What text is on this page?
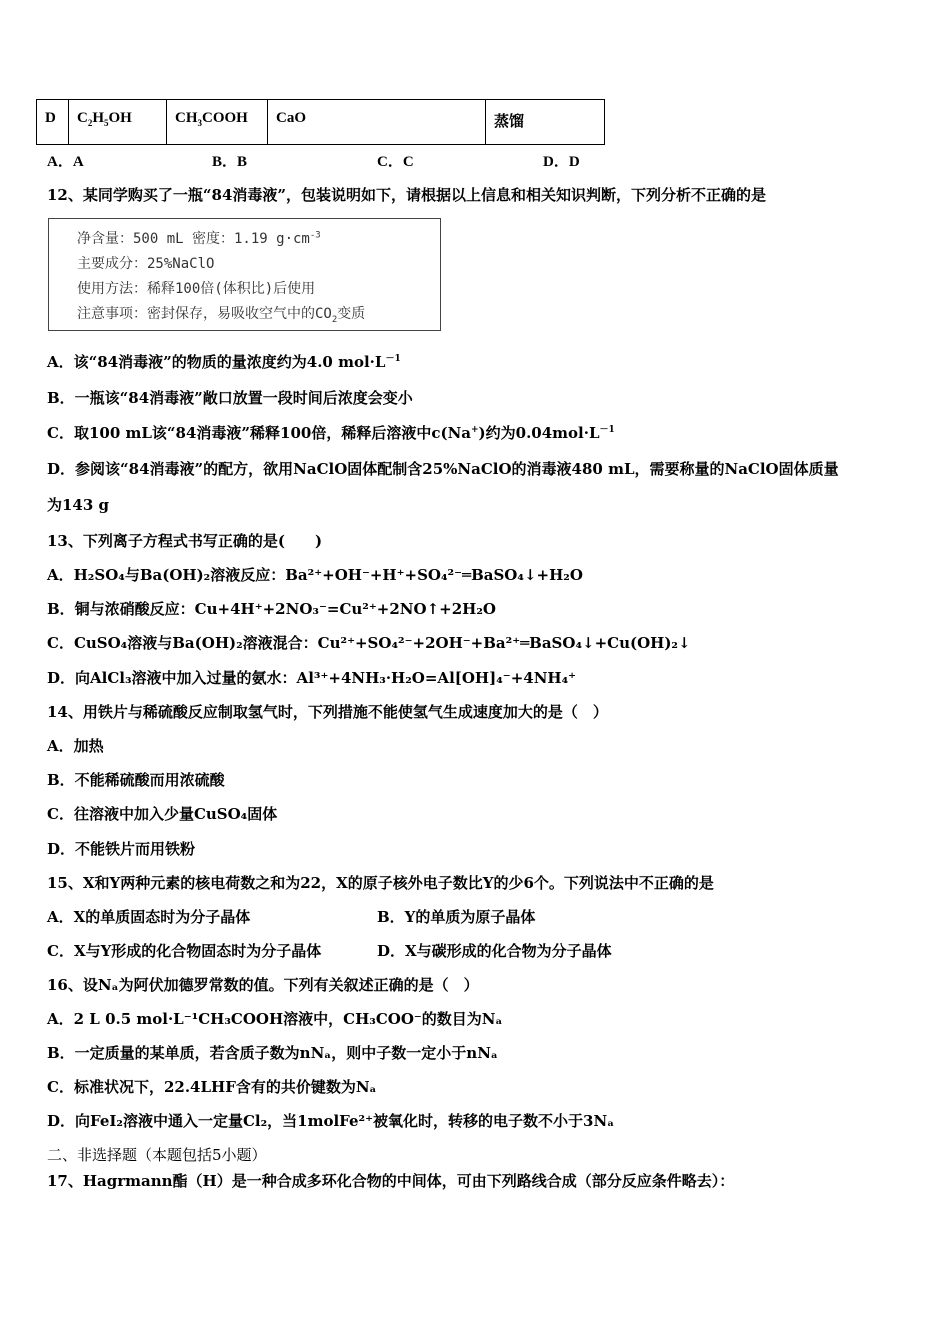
D	$C_2H_5OH$	$CH_3COOH$	CaO	蒸馏
A．A	B．B	C．C	D．D
12、某同学购买了一瓶“84消毒液”，包装说明如下，请根据以上信息和相关知识判断，下列分析不正确的是
净含量：500 mL 密度：1.19 $g\cdot cm^{-3}$
主要成分：25%NaClO
使用方法：稀释100倍(体积比)后使用
注意事项：密封保存，易吸收空气中的$CO_2$变质
A．该“84消毒液”的物质的量浓度约为4.0 $mol\cdot L^{-1}$
B．一瓶该“84消毒液”敞口放置一段时间后浓度会变小
C．取100 mL该“84消毒液”稀释100倍，稀释后溶液中c(Na+)约为$0.04mol\cdot L^{-1}$
D．参阅该“84消毒液”的配方，欲用NaClO固体配制含25%NaClO的消毒液480 mL，需要称量的NaClO固体质量
为143 g
13、下列离子方程式书写正确的是(　　)
A．H₂SO₄与Ba(OH)₂溶液反应：Ba²⁺+OH⁻+H⁺+SO₄²⁻═BaSO₄↓+H₂O
B．铜与浓硝酸反应：Cu+4H⁺+2NO₃⁻=Cu²⁺+2NO↑+2H₂O
C．CuSO₄溶液与Ba(OH)₂溶液混合：Cu²⁺+SO₄²⁻+2OH⁻+Ba²⁺═BaSO₄↓+Cu(OH)₂↓
D．向AlCl₃溶液中加入过量的氨水：Al³⁺+4NH₃·H₂O=Al[OH]₄⁻+4NH₄⁺
14、用铁片与稀硫酸反应制取氢气时，下列措施不能使氢气生成速度加大的是（　）
A．加热
B．不能稀硫酸而用浓硫酸
C．往溶液中加入少量CuSO₄固体
D．不能铁片而用铁粉
15、X和Y两种元素的核电荷数之和为22，X的原子核外电子数比Y的少6个。下列说法中不正确的是
A．X的单质固态时为分子晶体	B．Y的单质为原子晶体
C．X与Y形成的化合物固态时为分子晶体	D．X与碳形成的化合物为分子晶体
16、设Nₐ为阿伏加德罗常数的值。下列有关叙述正确的是（　）
A．2 L 0.5 mol·L⁻¹CH₃COOH溶液中，CH₃COO⁻的数目为Nₐ
B．一定质量的某单质，若含质子数为nNₐ，则中子数一定小于nNₐ
C．标准状况下，22.4LHF含有的共价键数为Nₐ
D．向FeI₂溶液中通入一定量Cl₂，当1molFe²⁺被氧化时，转移的电子数不小于3Nₐ
二、非选择题（本题包括5小题）
17、Hagrmann酯（H）是一种合成多环化合物的中间体，可由下列路线合成（部分反应条件略去）：
